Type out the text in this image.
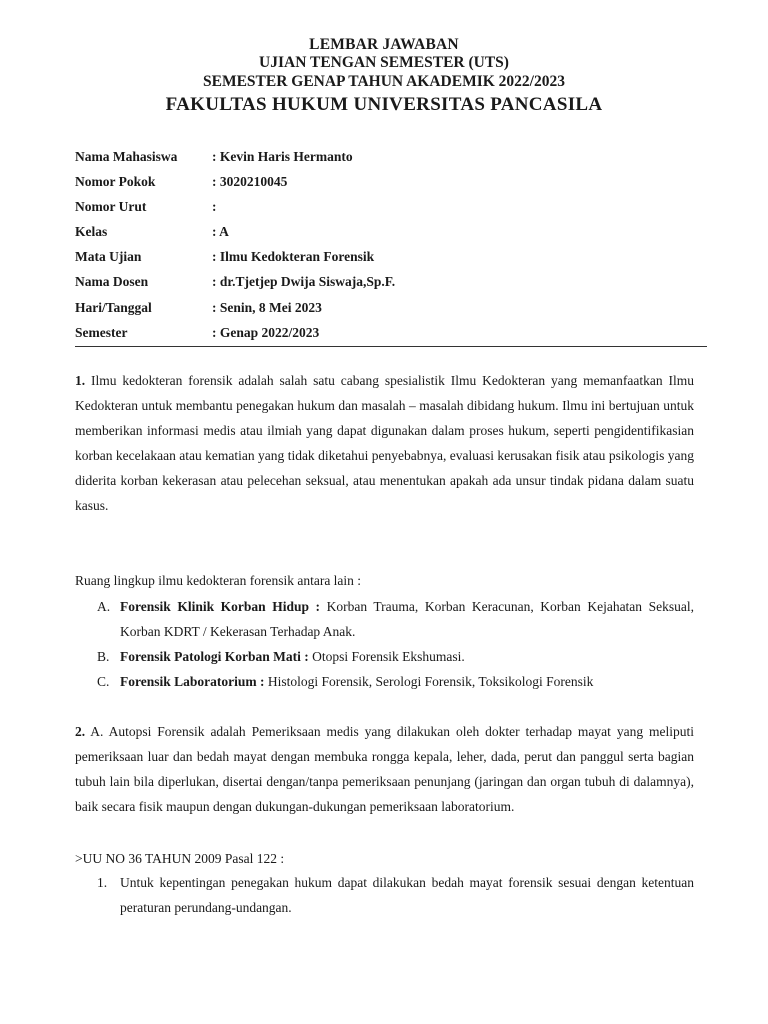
LEMBAR JAWABAN
UJIAN TENGAN SEMESTER (UTS)
SEMESTER GENAP TAHUN AKADEMIK 2022/2023
FAKULTAS HUKUM UNIVERSITAS PANCASILA
Nama Mahasiswa	: Kevin Haris Hermanto
Nomor Pokok	: 3020210045
Nomor Urut	:
Kelas	: A
Mata Ujian	: Ilmu Kedokteran Forensik
Nama Dosen	: dr.Tjetjep Dwija Siswaja,Sp.F.
Hari/Tanggal	: Senin, 8 Mei 2023
Semester	: Genap 2022/2023
1. Ilmu kedokteran forensik adalah salah satu cabang spesialistik Ilmu Kedokteran yang memanfaatkan Ilmu Kedokteran untuk membantu penegakan hukum dan masalah – masalah dibidang hukum. Ilmu ini bertujuan untuk memberikan informasi medis atau ilmiah yang dapat digunakan dalam proses hukum, seperti pengidentifikasian korban kecelakaan atau kematian yang tidak diketahui penyebabnya, evaluasi kerusakan fisik atau psikologis yang diderita korban kekerasan atau pelecehan seksual, atau menentukan apakah ada unsur tindak pidana dalam suatu kasus.
Ruang lingkup ilmu kedokteran forensik antara lain :
A. Forensik Klinik Korban Hidup : Korban Trauma, Korban Keracunan, Korban Kejahatan Seksual, Korban KDRT / Kekerasan Terhadap Anak.
B. Forensik Patologi Korban Mati : Otopsi Forensik Ekshumasi.
C. Forensik Laboratorium : Histologi Forensik, Serologi Forensik, Toksikologi Forensik
2. A. Autopsi Forensik adalah Pemeriksaan medis yang dilakukan oleh dokter terhadap mayat yang meliputi pemeriksaan luar dan bedah mayat dengan membuka rongga kepala, leher, dada, perut dan panggul serta bagian tubuh lain bila diperlukan, disertai dengan/tanpa pemeriksaan penunjang (jaringan dan organ tubuh di dalamnya), baik secara fisik maupun dengan dukungan-dukungan pemeriksaan laboratorium.
>UU NO 36 TAHUN 2009 Pasal 122 :
1. Untuk kepentingan penegakan hukum dapat dilakukan bedah mayat forensik sesuai dengan ketentuan peraturan perundang-undangan.
